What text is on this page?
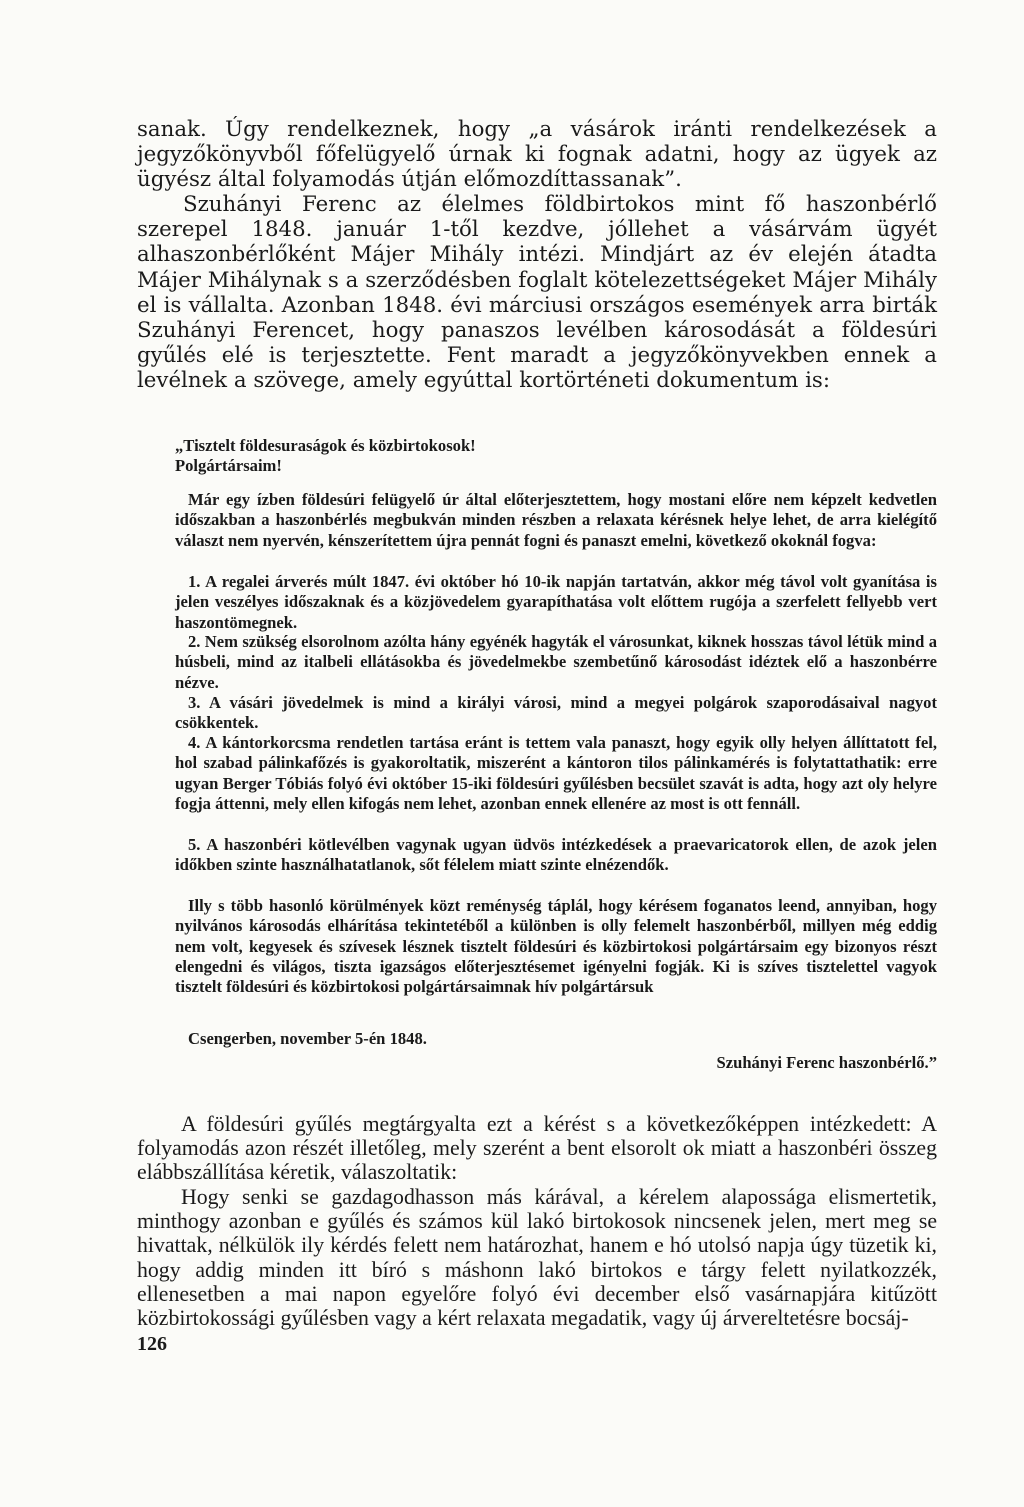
sanak. Úgy rendelkeznek, hogy „a vásárok iránti rendelkezések a jegyzőkönyvből főfelügyelő úrnak ki fognak adatni, hogy az ügyek az ügyész által folyamodás útján előmozdíttassanak”.

Szuhányi Ferenc az élelmes földbirtokos mint fő haszonbérlő szerepel 1848. január 1-től kezdve, jóllehet a vásárvám ügyét alhaszonbérlőként Májer Mihály intézi. Mindjárt az év elején átadta Májer Mihálynak s a szerződésben foglalt kötelezettségeket Májer Mihály el is vállalta. Azonban 1848. évi márciusi országos események arra birták Szuhányi Ferencet, hogy panaszos levélben károsodását a földesúri gyűlés elé is terjesztette. Fent maradt a jegyzőkönyvekben ennek a levélnek a szövege, amely egyúttal kortörténeti dokumentum is:

„Tisztelt földesuraságok és közbirtokosok!

Polgártársaim!

Már egy ízben földesúri felügyelő úr által előterjesztettem, hogy mostani előre nem képzelt kedvetlen időszakban a haszonbérlés megbukván minden részben a relaxata kérésnek helye lehet, de arra kielégítő választ nem nyervén, kénszerítettem újra pennát fogni és panaszt emelni, következő okoknál fogva:

1. A regalei árverés múlt 1847. évi október hó 10-ik napján tartatván, akkor még távol volt gyanítása is jelen veszélyes időszaknak és a közjövedelem gyarapíthatása volt előttem rugója a szerfelett fellyebb vert haszontömegnek.

2. Nem szükség elsorolnom azólta hány egyénék hagyták el városunkat, kiknek hosszas távol létük mind a húsbeli, mind az italbeli ellátásokba és jövedelmekbe szembetűnő károsodást idéztek elő a haszonbérre nézve.

3. A vásári jövedelmek is mind a királyi városi, mind a megyei polgárok szaporodásaival nagyot csökkentek.

4. A kántorkorcsma rendetlen tartása eránt is tettem vala panaszt, hogy egyik olly helyen állíttatott fel, hol szabad pálinkafőzés is gyakoroltatik, miszerént a kántoron tilos pálinkamérés is folytattathatik: erre ugyan Berger Tóbiás folyó évi október 15-iki földesúri gyűlésben becsület szavát is adta, hogy azt oly helyre fogja áttenni, mely ellen kifogás nem lehet, azonban ennek ellenére az most is ott fennáll.

5. A haszonbéri kötlevélben vagynak ugyan üdvös intézkedések a praevaricatorok ellen, de azok jelen időkben szinte használhatatlanok, sőt félelem miatt szinte elnézendők.

Illy s több hasonló körülmények közt reménység táplál, hogy kérésem foganatos leend, annyiban, hogy nyilvános károsodás elhárítása tekintetéből a különben is olly felemelt haszonbérből, millyen még eddig nem volt, kegyesek és szívesek lésznek tisztelt földesúri és közbirtokosi polgártársaim egy bizonyos részt elengedni és világos, tiszta igazságos előterjesztésemet igényelni fogják. Ki is szíves tisztelettel vagyok tisztelt földesúri és közbirtokosi polgártársaimnak hív polgártársuk

Csengerben, november 5-én 1848.
Szuhányi Ferenc haszonbérlő.”

A földesúri gyűlés megtárgyalta ezt a kérést s a következőképpen intézkedett: A folyamodás azon részét illetőleg, mely szerént a bent elsorolt ok miatt a haszonbéri összeg elábbszállítása kéretik, válaszoltatik:

Hogy senki se gazdagodhasson más kárával, a kérelem alapossága elismertetik, minthogy azonban e gyűlés és számos kül lakó birtokosok nincsenek jelen, mert meg se hivattak, nélkülök ily kérdés felett nem határozhat, hanem e hó utolsó napja úgy tüzetik ki, hogy addig minden itt bíró s máshonn lakó birtokos e tárgy felett nyilatkozzék, ellenesetben a mai napon egyelőre folyó évi december első vasárnapjára kitűzött közbirtokossági gyűlésben vagy a kért relaxata megadatik, vagy új árvereltetésre bocsáj-

126
